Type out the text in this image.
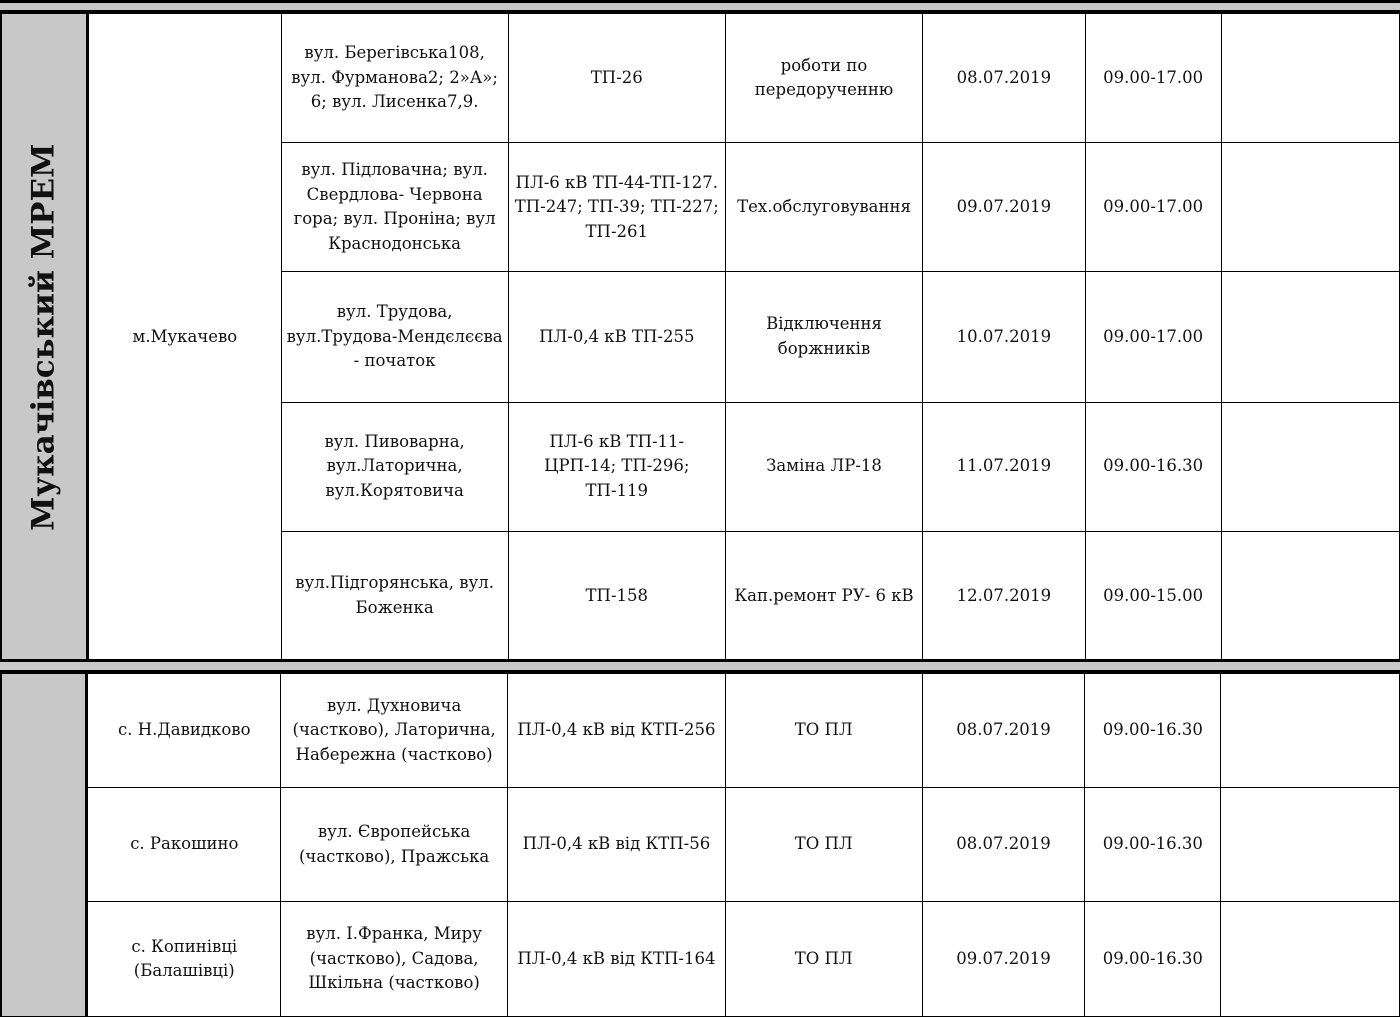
Мукачівський МРЕМ	м.Мукачево	вул. Берегівська108, вул. Фурманова2; 2»А»; 6; вул. Лисенка7,9.	ТП-26	роботи по передорученню	08.07.2019	09.00-17.00	
		вул. Підловачна; вул. Свердлова- Червона гора; вул. Проніна; вул Краснодонська	ПЛ-6 кВ ТП-44-ТП-127. ТП-247; ТП-39; ТП-227; ТП-261	Тех.обслуговування	09.07.2019	09.00-17.00	
		вул. Трудова, вул.Трудова-Мендєлєєва - початок	ПЛ-0,4 кВ ТП-255	Відключення боржників	10.07.2019	09.00-17.00	
		вул. Пивоварна, вул.Латорична, вул.Корятовича	ПЛ-6 кВ ТП-11- ЦРП-14; ТП-296; ТП-119	Заміна ЛР-18	11.07.2019	09.00-16.30	
		вул.Підгорянська, вул. Боженка	ТП-158	Кап.ремонт РУ- 6 кВ	12.07.2019	09.00-15.00	
	с. Н.Давидково	вул. Духновича (частково), Латорична, Набережна (частково)	ПЛ-0,4 кВ від КТП-256	ТО ПЛ	08.07.2019	09.00-16.30	
	с. Ракошино	вул. Європейська (частково), Пражська	ПЛ-0,4 кВ від КТП-56	ТО ПЛ	08.07.2019	09.00-16.30	
	с. Копинівці (Балашівці)	вул. І.Франка, Миру (частково), Садова, Шкільна (частково)	ПЛ-0,4 кВ від КТП-164	ТО ПЛ	09.07.2019	09.00-16.30	
